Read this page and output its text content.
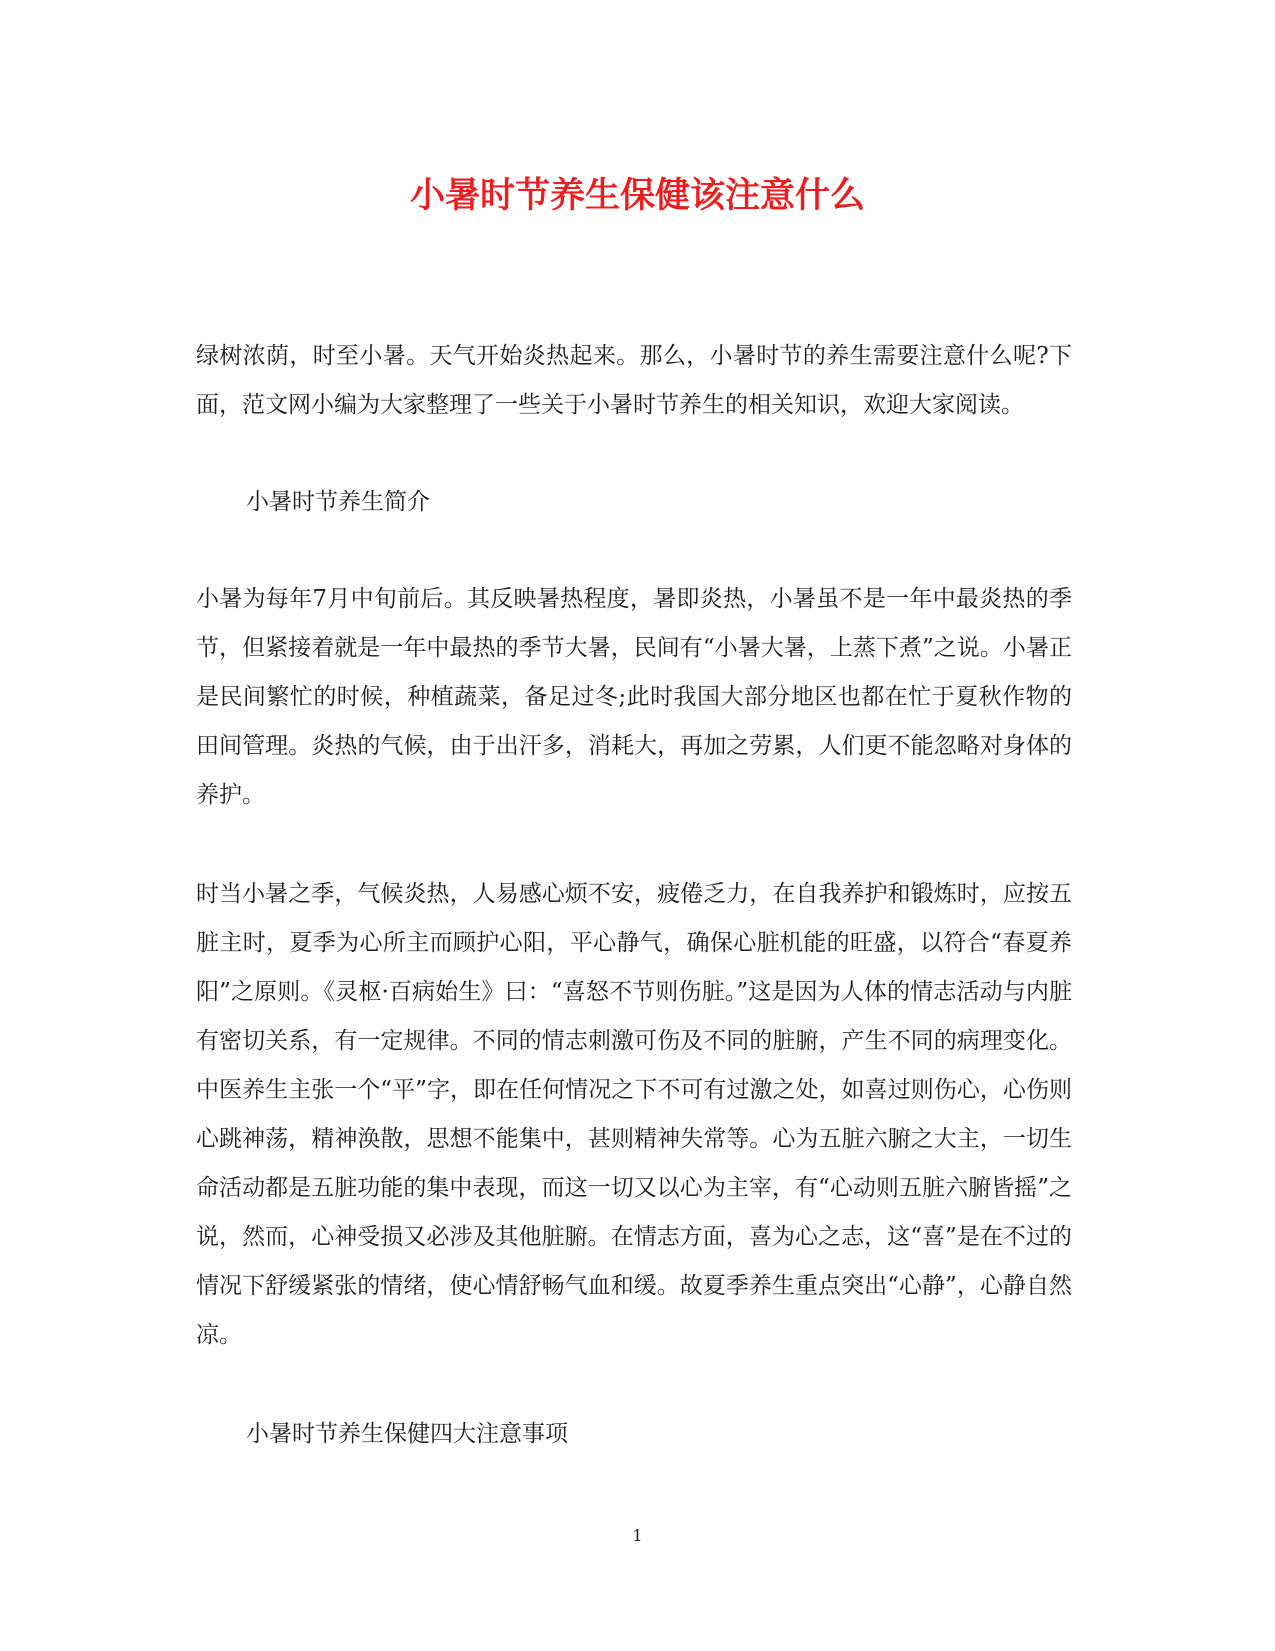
小暑时节养生保健该注意什么

绿树浓荫，时至小暑。天气开始炎热起来。那么，小暑时节的养生需要注意什么呢?下面，范文网小编为大家整理了一些关于小暑时节养生的相关知识，欢迎大家阅读。

小暑时节养生简介

小暑为每年7月中旬前后。其反映暑热程度，暑即炎热，小暑虽不是一年中最炎热的季节，但紧接着就是一年中最热的季节大暑，民间有“小暑大暑，上蒸下煮”之说。小暑正是民间繁忙的时候，种植蔬菜，备足过冬;此时我国大部分地区也都在忙于夏秋作物的田间管理。炎热的气候，由于出汗多，消耗大，再加之劳累，人们更不能忽略对身体的养护。

时当小暑之季，气候炎热，人易感心烦不安，疲倦乏力，在自我养护和锻炼时，应按五脏主时，夏季为心所主而顾护心阳，平心静气，确保心脏机能的旺盛，以符合“春夏养阳”之原则。《灵枢·百病始生》曰：“喜怒不节则伤脏。”这是因为人体的情志活动与内脏有密切关系，有一定规律。不同的情志刺激可伤及不同的脏腑，产生不同的病理变化。中医养生主张一个“平”字，即在任何情况之下不可有过激之处，如喜过则伤心，心伤则心跳神荡，精神涣散，思想不能集中，甚则精神失常等。心为五脏六腑之大主，一切生命活动都是五脏功能的集中表现，而这一切又以心为主宰，有“心动则五脏六腑皆摇”之说，然而，心神受损又必涉及其他脏腑。在情志方面，喜为心之志，这“喜”是在不过的情况下舒缓紧张的情绪，使心情舒畅气血和缓。故夏季养生重点突出“心静”，心静自然凉。

小暑时节养生保健四大注意事项

1
